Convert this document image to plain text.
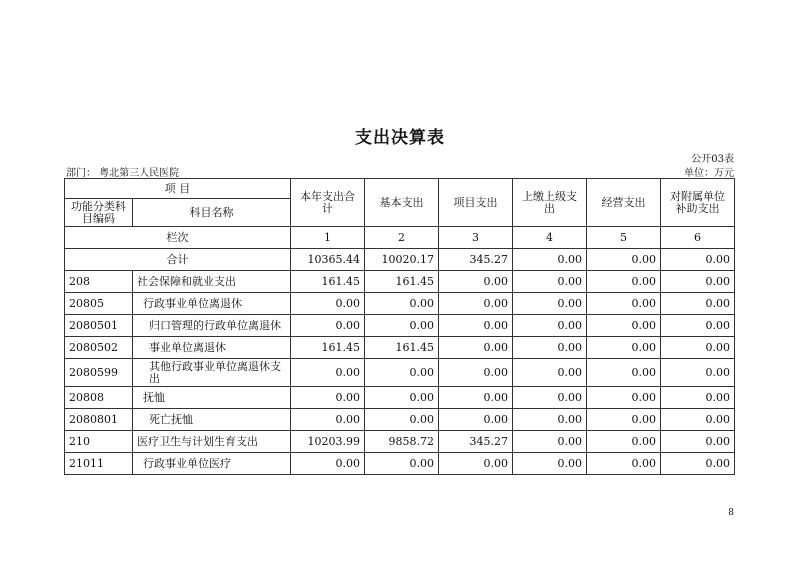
支出决算表
公开03表
部门： 粤北第三人民医院	单位：万元
项 目		本年支出合计	基本支出	项目支出	上缴上级支出	经营支出	对附属单位补助支出
功能分类科目编码	科目名称						
栏次		1	2	3	4	5	6
合计		10365.44	10020.17	345.27	0.00	0.00	0.00
208	社会保障和就业支出	161.45	161.45	0.00	0.00	0.00	0.00
20805	行政事业单位离退休	0.00	0.00	0.00	0.00	0.00	0.00
2080501	归口管理的行政单位离退休	0.00	0.00	0.00	0.00	0.00	0.00
2080502	事业单位离退休	161.45	161.45	0.00	0.00	0.00	0.00
2080599	其他行政事业单位离退休支出	0.00	0.00	0.00	0.00	0.00	0.00
20808	抚恤	0.00	0.00	0.00	0.00	0.00	0.00
2080801	死亡抚恤	0.00	0.00	0.00	0.00	0.00	0.00
210	医疗卫生与计划生育支出	10203.99	9858.72	345.27	0.00	0.00	0.00
21011	行政事业单位医疗	0.00	0.00	0.00	0.00	0.00	0.00
8
